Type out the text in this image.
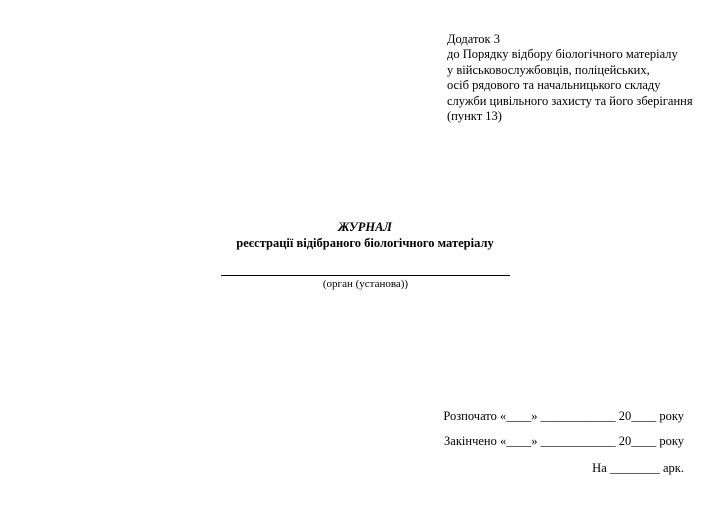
Додаток 3
до Порядку відбору біологічного матеріалу
у військовослужбовців, поліцейських,
осіб рядового та начальницького складу
служби цивільного захисту та його зберігання
(пункт 13)
ЖУРНАЛ
реєстрації відібраного біологічного матеріалу
(орган (установа))
Розпочато «____» ____________ 20____ року
Закінчено «____» ____________ 20____ року
На ________ арк.
